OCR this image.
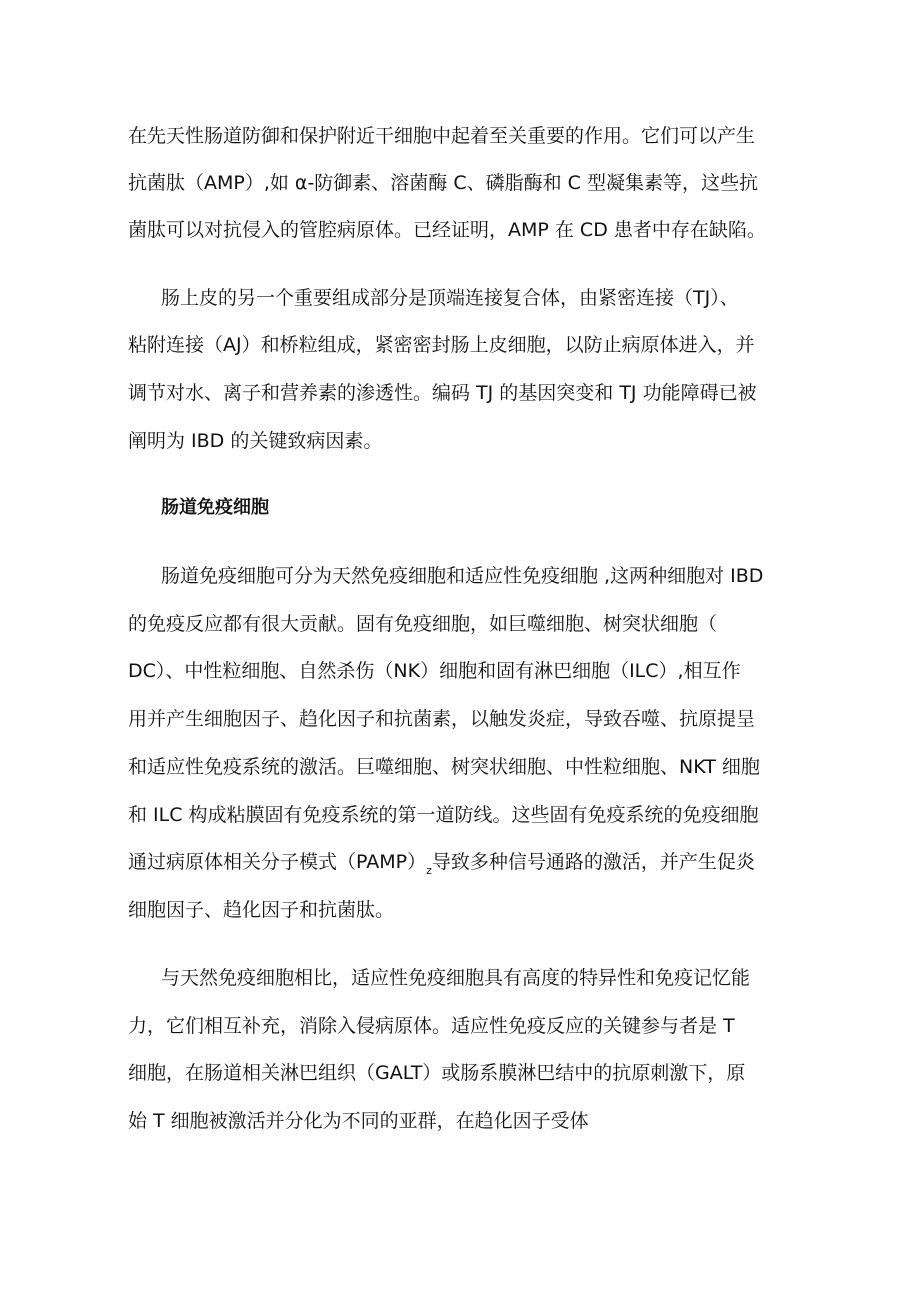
在先天性肠道防御和保护附近干细胞中起着至关重要的作用。它们可以产生
抗菌肽（AMP）,如 α-防御素、溶菌酶 C、磷脂酶和 C 型凝集素等，这些抗
菌肽可以对抗侵入的管腔病原体。已经证明，AMP 在 CD 患者中存在缺陷。
肠上皮的另一个重要组成部分是顶端连接复合体，由紧密连接（TJ）、
粘附连接（AJ）和桥粒组成，紧密密封肠上皮细胞，以防止病原体进入，并
调节对水、离子和营养素的渗透性。编码 TJ 的基因突变和 TJ 功能障碍已被
阐明为 IBD 的关键致病因素。
肠道免疫细胞
肠道免疫细胞可分为天然免疫细胞和适应性免疫细胞 ,这两种细胞对 IBD
的免疫反应都有很大贡献。固有免疫细胞，如巨噬细胞、树突状细胞（
DC）、中性粒细胞、自然杀伤（NK）细胞和固有淋巴细胞（ILC）,相互作
用并产生细胞因子、趋化因子和抗菌素，以触发炎症，导致吞噬、抗原提呈
和适应性免疫系统的激活。巨噬细胞、树突状细胞、中性粒细胞、NKT 细胞
和 ILC 构成粘膜固有免疫系统的第一道防线。这些固有免疫系统的免疫细胞
通过病原体相关分子模式$(PAMP)_z$导致多种信号通路的激活，并产生促炎
细胞因子、趋化因子和抗菌肽。
与天然免疫细胞相比，适应性免疫细胞具有高度的特异性和免疫记忆能
力，它们相互补充，消除入侵病原体。适应性免疫反应的关键参与者是 T
细胞，在肠道相关淋巴组织（GALT）或肠系膜淋巴结中的抗原刺激下，原
始 T 细胞被激活并分化为不同的亚群，在趋化因子受体
